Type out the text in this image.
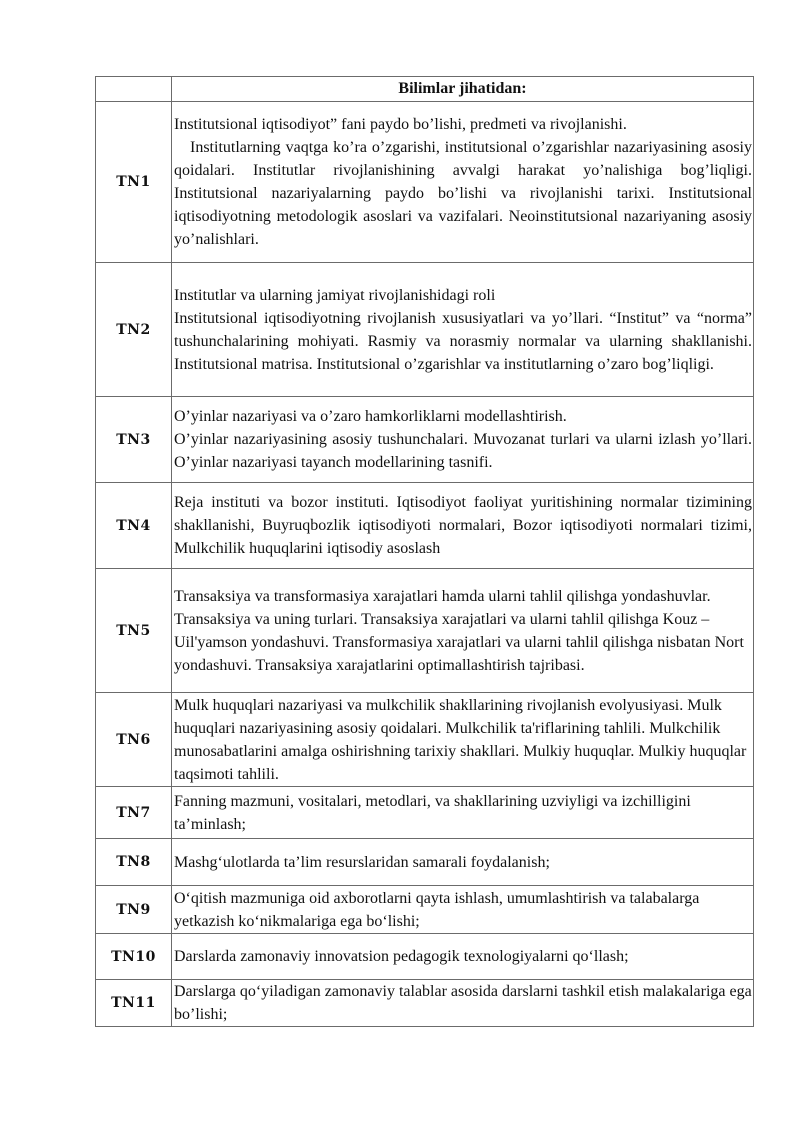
	Bilimlar jihatidan:
TN1	Institutsional iqtisodiyot” fani paydo bo’lishi, predmeti va rivojlanishi.

Institutlarning vaqtga ko’ra o’zgarishi, institutsional o’zgarishlar nazariyasining asosiy qoidalari. Institutlar rivojlanishining avvalgi harakat yo’nalishiga bog’liqligi. Institutsional nazariyalarning paydo bo’lishi va rivojlanishi tarixi. Institutsional iqtisodiyotning metodologik asoslari va vazifalari. Neoinstitutsional nazariyaning asosiy yo’nalishlari.

TN2	Institutlar va ularning jamiyat rivojlanishidagi roli

Institutsional iqtisodiyotning rivojlanish xususiyatlari va yo’llari. “Institut” va “norma” tushunchalarining mohiyati. Rasmiy va norasmiy normalar va ularning shakllanishi. Institutsional matrisa. Institutsional o’zgarishlar va institutlarning o’zaro bog’liqligi.

TN3	O’yinlar nazariyasi va o’zaro hamkorliklarni modellashtirish.

O’yinlar nazariyasining asosiy tushunchalari. Muvozanat turlari va ularni izlash yo’llari. O’yinlar nazariyasi tayanch modellarining tasnifi.

TN4	Reja instituti va bozor instituti. Iqtisodiyot faoliyat yuritishining normalar tizimining shakllanishi, Buyruqbozlik iqtisodiyoti normalari, Bozor iqtisodiyoti normalari tizimi, Mulkchilik huquqlarini iqtisodiy asoslash

TN5	Transaksiya va transformasiya xarajatlari hamda ularni tahlil qilishga yondashuvlar. Transaksiya va uning turlari. Transaksiya xarajatlari va ularni tahlil qilishga Kouz – Uil'yamson yondashuvi. Transformasiya xarajatlari va ularni tahlil qilishga nisbatan Nort yondashuvi. Transaksiya xarajatlarini optimallashtirish tajribasi.

TN6	Mulk huquqlari nazariyasi va mulkchilik shakllarining rivojlanish evolyusiyasi. Mulk huquqlari nazariyasining asosiy qoidalari. Mulkchilik ta'riflarining tahlili. Mulkchilik munosabatlarini amalga oshirishning tarixiy shakllari. Mulkiy huquqlar. Mulkiy huquqlar taqsimoti tahlili.

TN7	Fanning mazmuni, vositalari, metodlari, va shakllarining uzviyligi va izchilligini ta’minlash;

TN8	Mashg‘ulotlarda ta’lim resurslaridan samarali foydalanish;

TN9	O‘qitish mazmuniga oid axborotlarni qayta ishlash, umumlashtirish va talabalarga yetkazish ko‘nikmalariga ega bo‘lishi;

TN10	Darslarda zamonaviy innovatsion pedagogik texnologiyalarni qo‘llash;

TN11	Darslarga qo‘yiladigan zamonaviy talablar asosida darslarni tashkil etish malakalariga ega bo’lishi;
